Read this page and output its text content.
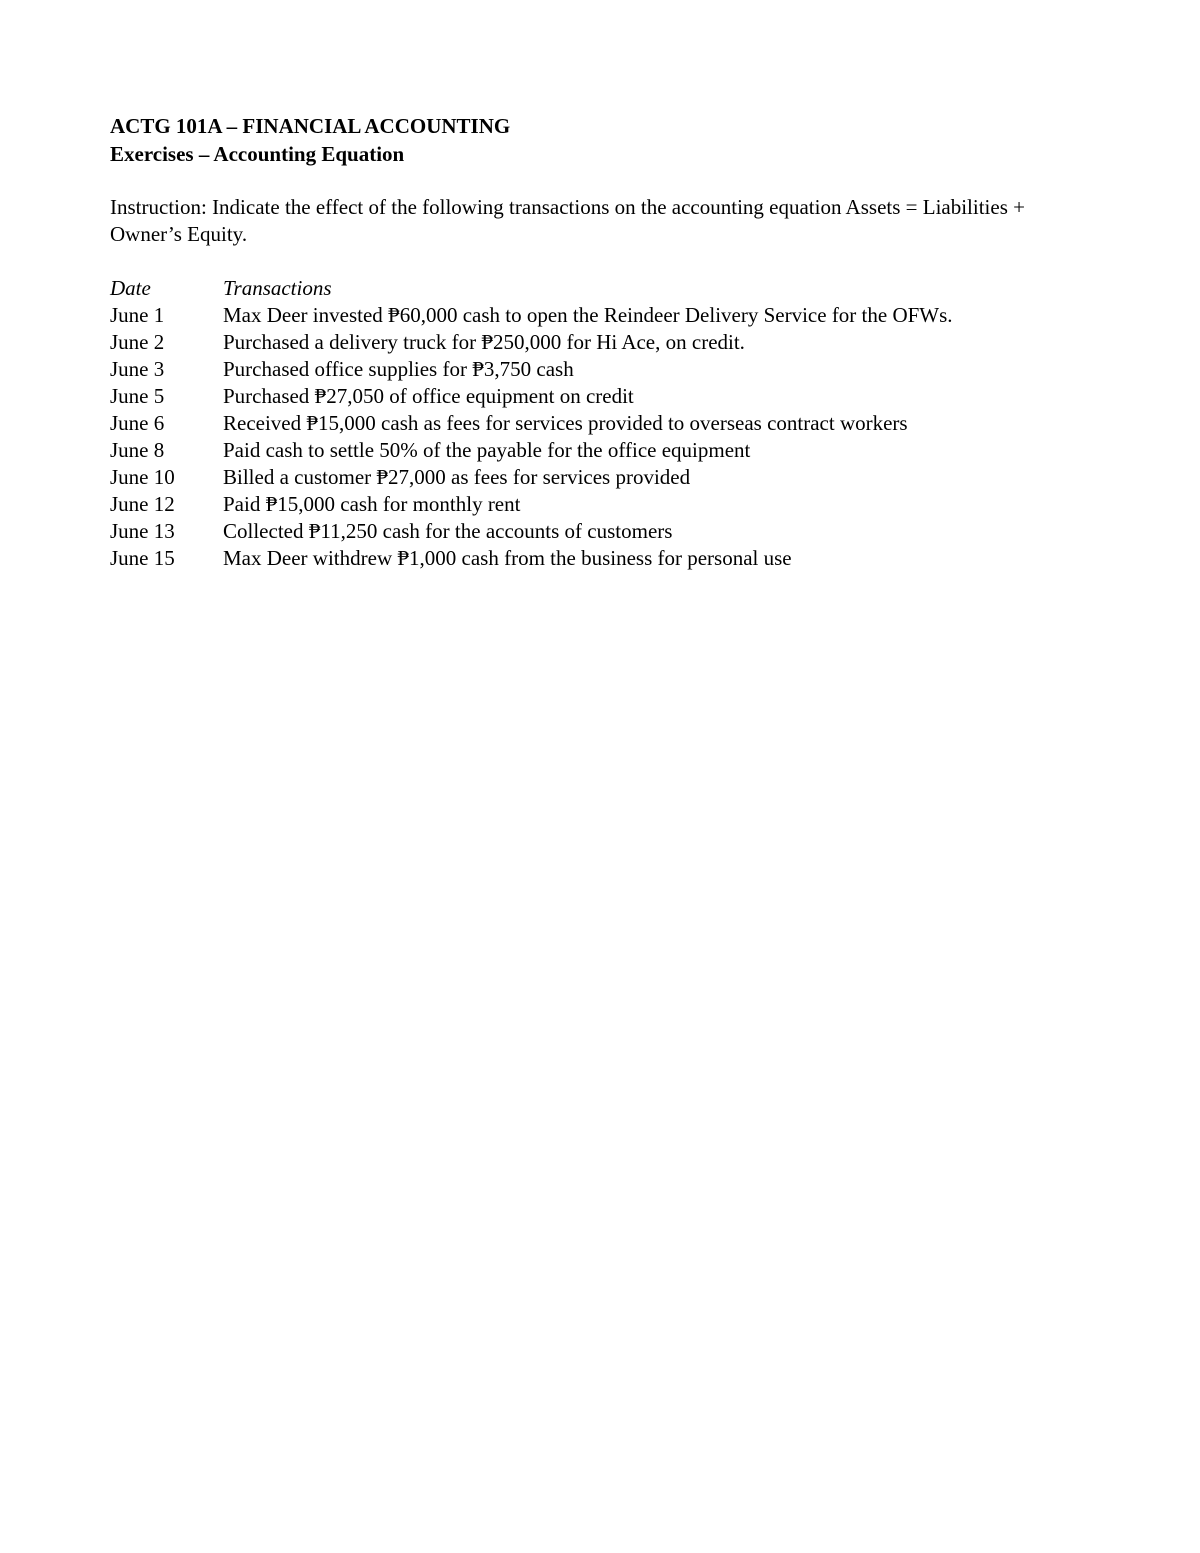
ACTG 101A – FINANCIAL ACCOUNTING

Exercises – Accounting Equation

Instruction: Indicate the effect of the following transactions on the accounting equation Assets = Liabilities + Owner’s Equity.

Date	Transactions
June 1	Max Deer invested ₱60,000 cash to open the Reindeer Delivery Service for the OFWs.
June 2	Purchased a delivery truck for ₱250,000 for Hi Ace, on credit.
June 3	Purchased office supplies for ₱3,750 cash
June 5	Purchased ₱27,050 of office equipment on credit
June 6	Received ₱15,000 cash as fees for services provided to overseas contract workers
June 8	Paid cash to settle 50% of the payable for the office equipment
June 10	Billed a customer ₱27,000 as fees for services provided
June 12	Paid ₱15,000 cash for monthly rent
June 13	Collected ₱11,250 cash for the accounts of customers
June 15	Max Deer withdrew ₱1,000 cash from the business for personal use
